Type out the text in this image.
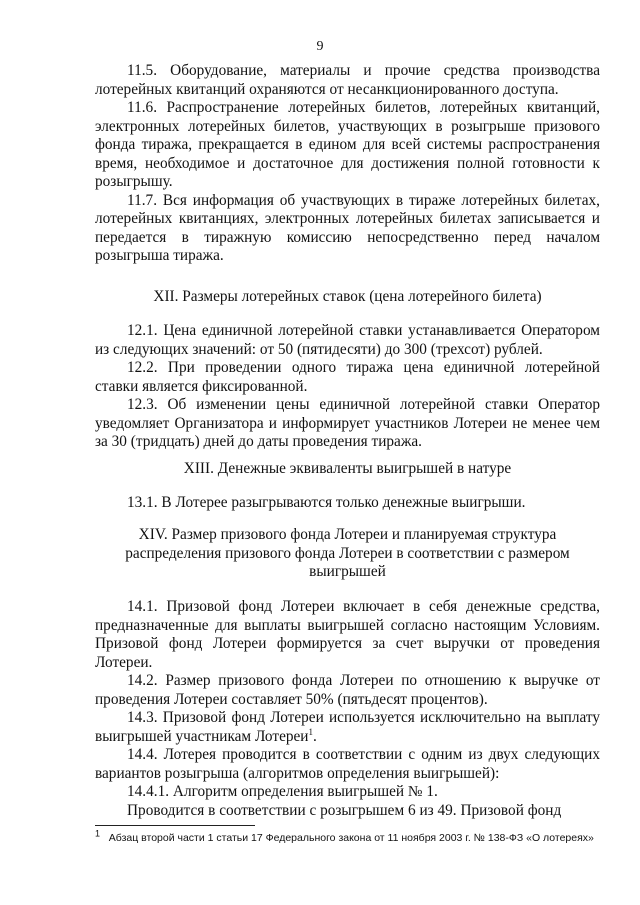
9

11.5. Оборудование, материалы и прочие средства производства лотерейных квитанций охраняются от несанкционированного доступа.

11.6. Распространение лотерейных билетов, лотерейных квитанций, электронных лотерейных билетов, участвующих в розыгрыше призового фонда тиража, прекращается в едином для всей системы распространения время, необходимое и достаточное для достижения полной готовности к розыгрышу.

11.7. Вся информация об участвующих в тираже лотерейных билетах, лотерейных квитанциях, электронных лотерейных билетах записывается и передается в тиражную комиссию непосредственно перед началом розыгрыша тиража.

XII. Размеры лотерейных ставок (цена лотерейного билета)

12.1. Цена единичной лотерейной ставки устанавливается Оператором из следующих значений: от 50 (пятидесяти) до 300 (трехсот) рублей.

12.2. При проведении одного тиража цена единичной лотерейной ставки является фиксированной.

12.3. Об изменении цены единичной лотерейной ставки Оператор уведомляет Организатора и информирует участников Лотереи не менее чем за 30 (тридцать) дней до даты проведения тиража.

XIII. Денежные эквиваленты выигрышей в натуре

13.1. В Лотерее разыгрываются только денежные выигрыши.

XIV. Размер призового фонда Лотереи и планируемая структура
распределения призового фонда Лотереи в соответствии с размером
выигрышей

14.1. Призовой фонд Лотереи включает в себя денежные средства, предназначенные для выплаты выигрышей согласно настоящим Условиям. Призовой фонд Лотереи формируется за счет выручки от проведения Лотереи.

14.2. Размер призового фонда Лотереи по отношению к выручке от проведения Лотереи составляет 50% (пятьдесят процентов).

14.3. Призовой фонд Лотереи используется исключительно на выплату выигрышей участникам Лотереи$^1$.

14.4. Лотерея проводится в соответствии с одним из двух следующих вариантов розыгрыша (алгоритмов определения выигрышей):

14.4.1. Алгоритм определения выигрышей № 1.

Проводится в соответствии с розыгрышем 6 из 49. Призовой фонд

$^1$ Абзац второй части 1 статьи 17 Федерального закона от 11 ноября 2003 г. № 138-ФЗ «О лотереях»
